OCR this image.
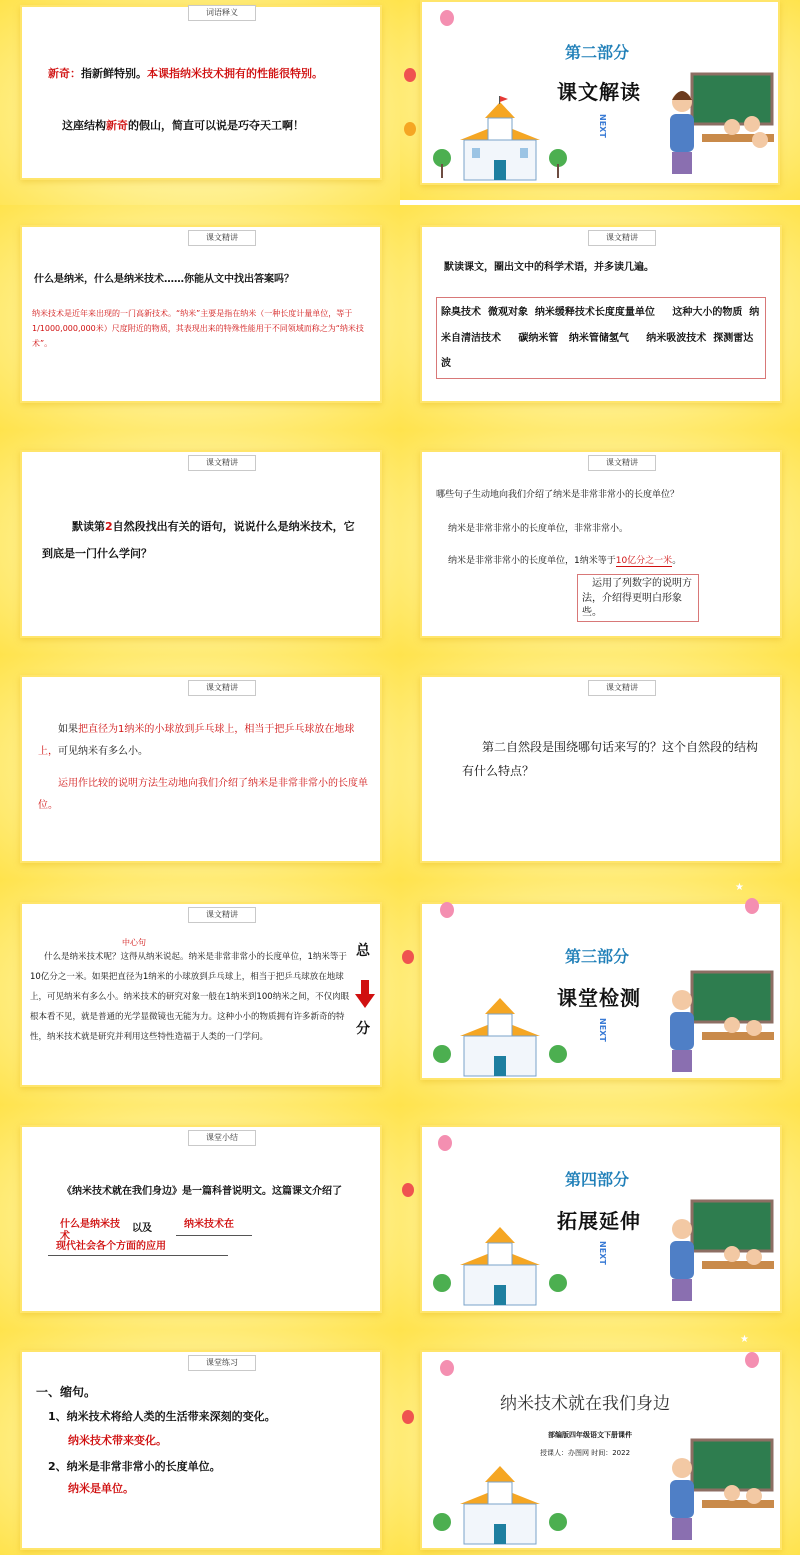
词语释义
新奇：指新鲜特别。本课指纳米技术拥有的性能很特别。
这座结构新奇的假山，简直可以说是巧夺天工啊！
第二部分
课文解读
NEXT
课文精讲
什么是纳米，什么是纳米技术……你能从文中找出答案吗？
纳米技术是近年来出现的一门高新技术。“纳米”主要是指在纳米（一种长度计量单位，等于1/1000,000,000米）尺度附近的物质，其表现出来的特殊性能用于不同领域而称之为“纳米技术”。
课文精讲
默读课文，圈出文中的科学术语，并多读几遍。
除臭技术  微观对象  纳米缓释技术长度度量单位     这种大小的物质  纳米自清洁技术     碳纳米管   纳米管储氢气     纳米吸波技术  探测雷达波
课文精讲
默读第2自然段找出有关的语句，说说什么是纳米技术，它到底是一门什么学问？
课文精讲
哪些句子生动地向我们介绍了纳米是非常非常小的长度单位？
纳米是非常非常小的长度单位，非常非常小。
纳米是非常非常小的长度单位，1纳米等于10亿分之一米。
运用了列数字的说明方法，介绍得更明白形象些。
课文精讲
如果把直径为1纳米的小球放到乒乓球上，相当于把乒乓球放在地球上，可见纳米有多么小。
运用作比较的说明方法生动地向我们介绍了纳米是非常非常小的长度单位。
课文精讲
第二自然段是围绕哪句话来写的？这个自然段的结构有什么特点？
课文精讲
中心句
什么是纳米技术呢？这得从纳米说起。纳米是非常非常小的长度单位，1纳米等于10亿分之一米。如果把直径为1纳米的小球放到乒乓球上，相当于把乒乓球放在地球上，可见纳米有多么小。纳米技术的研究对象一般在1纳米到100纳米之间，不仅肉眼根本看不见，就是普通的光学显微镜也无能为力。这种小小的物质拥有许多新奇的特性，纳米技术就是研究并利用这些特性造福于人类的一门学问。
总
分
第三部分
课堂检测
NEXT
★
课堂小结
《纳米技术就在我们身边》是一篇科普说明文。这篇课文介绍了
什么是纳米技
术
以及	纳米技术在
现代社会各个方面的应用
第四部分
拓展延伸
NEXT
课堂练习
一、缩句。
1、纳米技术将给人类的生活带来深刻的变化。
纳米技术带来变化。
2、纳米是非常非常小的长度单位。
纳米是单位。
纳米技术就在我们身边
部编版四年级语文下册课件
授课人：办图网 时间：2022
★
